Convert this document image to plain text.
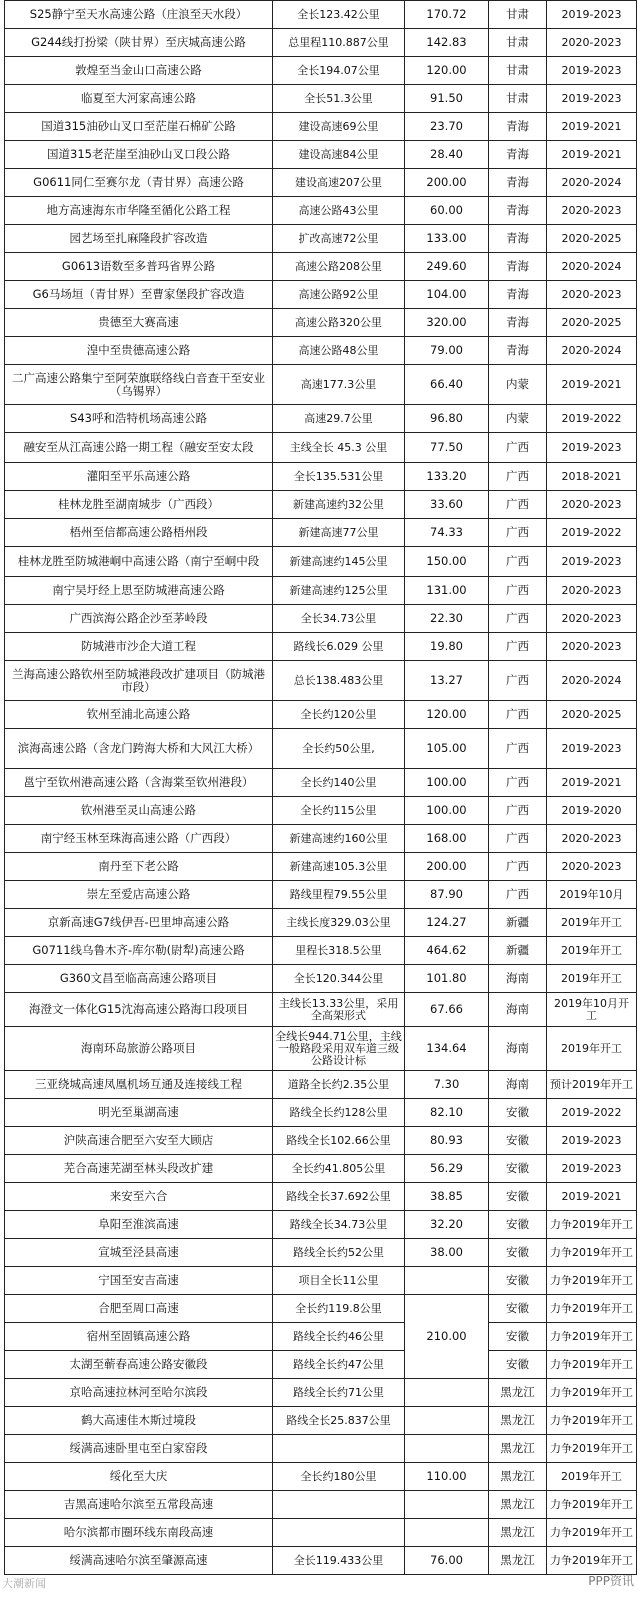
S25静宁至天水高速公路（庄浪至天水段）	全长123.42公里	170.72	甘肃	2019-2023
G244线打扮梁（陕甘界）至庆城高速公路	总里程110.887公里	142.83	甘肃	2020-2023
敦煌至当金山口高速公路	全长194.07公里	120.00	甘肃	2019-2023
临夏至大河家高速公路	全长51.3公里	91.50	甘肃	2019-2023
国道315油砂山叉口至茫崖石棉矿公路	建设高速69公里	23.70	青海	2019-2021
国道315老茫崖至油砂山叉口段公路	建设高速84公里	28.40	青海	2019-2021
G0611同仁至赛尔龙（青甘界）高速公路	建设高速207公里	200.00	青海	2020-2024
地方高速海东市华隆至循化公路工程	高速公路43公里	60.00	青海	2020-2023
园艺场至扎麻隆段扩容改造	扩改高速72公里	133.00	青海	2020-2025
G0613语数至多普玛省界公路	高速公路208公里	249.60	青海	2020-2024
G6马场垣（青甘界）至曹家堡段扩容改造	高速公路92公里	104.00	青海	2020-2023
贵德至大赛高速	高速公路320公里	320.00	青海	2020-2025
湟中至贵德高速公路	高速公路48公里	79.00	青海	2020-2024
二广高速公路集宁至阿荣旗联络线白音查干至安业（乌锡界）	高速177.3公里	66.40	内蒙	2019-2021
S43呼和浩特机场高速公路	高速29.7公里	96.80	内蒙	2019-2022
融安至从江高速公路一期工程（融安至安太段	主线全长 45.3 公里	77.50	广西	2019-2023
灌阳至平乐高速公路	全长135.531公里	133.20	广西	2018-2021
桂林龙胜至湖南城步（广西段）	新建高速约32公里	33.60	广西	2020-2023
梧州至信都高速公路梧州段	新建高速77公里	74.33	广西	2019-2022
桂林龙胜至防城港峒中高速公路（南宁至峒中段	新建高速约145公里	150.00	广西	2019-2023
南宁吴圩经上思至防城港高速公路	新建高速约125公里	131.00	广西	2020-2023
广西滨海公路企沙至茅岭段	全长34.73公里	22.30	广西	2020-2023
防城港市沙企大道工程	路线长6.029 公里	19.80	广西	2020-2023
兰海高速公路钦州至防城港段改扩建项目（防城港市段）	总长138.483公里	13.27	广西	2020-2024
钦州至浦北高速公路	全长约120公里	120.00	广西	2020-2025
滨海高速公路（含龙门跨海大桥和大风江大桥）	全长约50公里,	105.00	广西	2019-2023
邕宁至钦州港高速公路（含海棠至钦州港段）	全长约140公里	100.00	广西	2019-2021
钦州港至灵山高速公路	全长约115公里	100.00	广西	2019-2020
南宁经玉林至珠海高速公路（广西段）	新建高速约160公里	168.00	广西	2020-2023
南丹至下老公路	新建高速105.3公里	200.00	广西	2020-2023
崇左至爱店高速公路	路线里程79.55公里	87.90	广西	2019年10月
京新高速G7线伊吾-巴里坤高速公路	主线长度329.03公里	124.27	新疆	2019年开工
G0711线乌鲁木齐-库尔勒(尉犁)高速公路	里程长318.5公里	464.62	新疆	2019年开工
G360文昌至临高高速公路项目	全长120.344公里	101.80	海南	2019年开工
海澄文一体化G15沈海高速公路海口段项目	主线长13.33公里，采用全高架形式	67.66	海南	2019年10月开工
海南环岛旅游公路项目	全线长944.71公里，主线一般路段采用双车道三级公路设计标	134.64	海南	2019年开工
三亚绕城高速凤凰机场互通及连接线工程	道路全长约2.35公里	7.30	海南	预计2019年开工
明光至巢湖高速	路线全长约128公里	82.10	安徽	2019-2022
沪陕高速合肥至六安至大顾店	路线全长102.66公里	80.93	安徽	2019-2023
芜合高速芜湖至林头段改扩建	全长约41.805公里	56.29	安徽	2019-2023
来安至六合	路线全长37.692公里	38.85	安徽	2019-2021
阜阳至淮滨高速	路线全长34.73公里	32.20	安徽	力争2019年开工
宣城至泾县高速	路线全长约52公里	38.00	安徽	力争2019年开工
宁国至安吉高速	项目全长11公里		安徽	力争2019年开工
合肥至周口高速	全长约119.8公里	210.00	安徽	力争2019年开工
宿州至固镇高速公路	路线全长约46公里		安徽	力争2019年开工
太湖至蕲春高速公路安徽段	路线全长约47公里		安徽	力争2019年开工
京哈高速拉林河至哈尔滨段	路线全长约71公里		黑龙江	力争2019年开工
鹤大高速佳木斯过境段	路线全长25.837公里		黑龙江	力争2019年开工
绥满高速卧里屯至白家窑段			黑龙江	力争2019年开工
绥化至大庆	全长约180公里	110.00	黑龙江	2019年开工
吉黑高速哈尔滨至五常段高速			黑龙江	力争2019年开工
哈尔滨都市圈环线东南段高速			黑龙江	力争2019年开工
绥满高速哈尔滨至肇源高速	全长119.433公里	76.00	黑龙江	力争2019年开工
大潮新闻	PPP资讯
